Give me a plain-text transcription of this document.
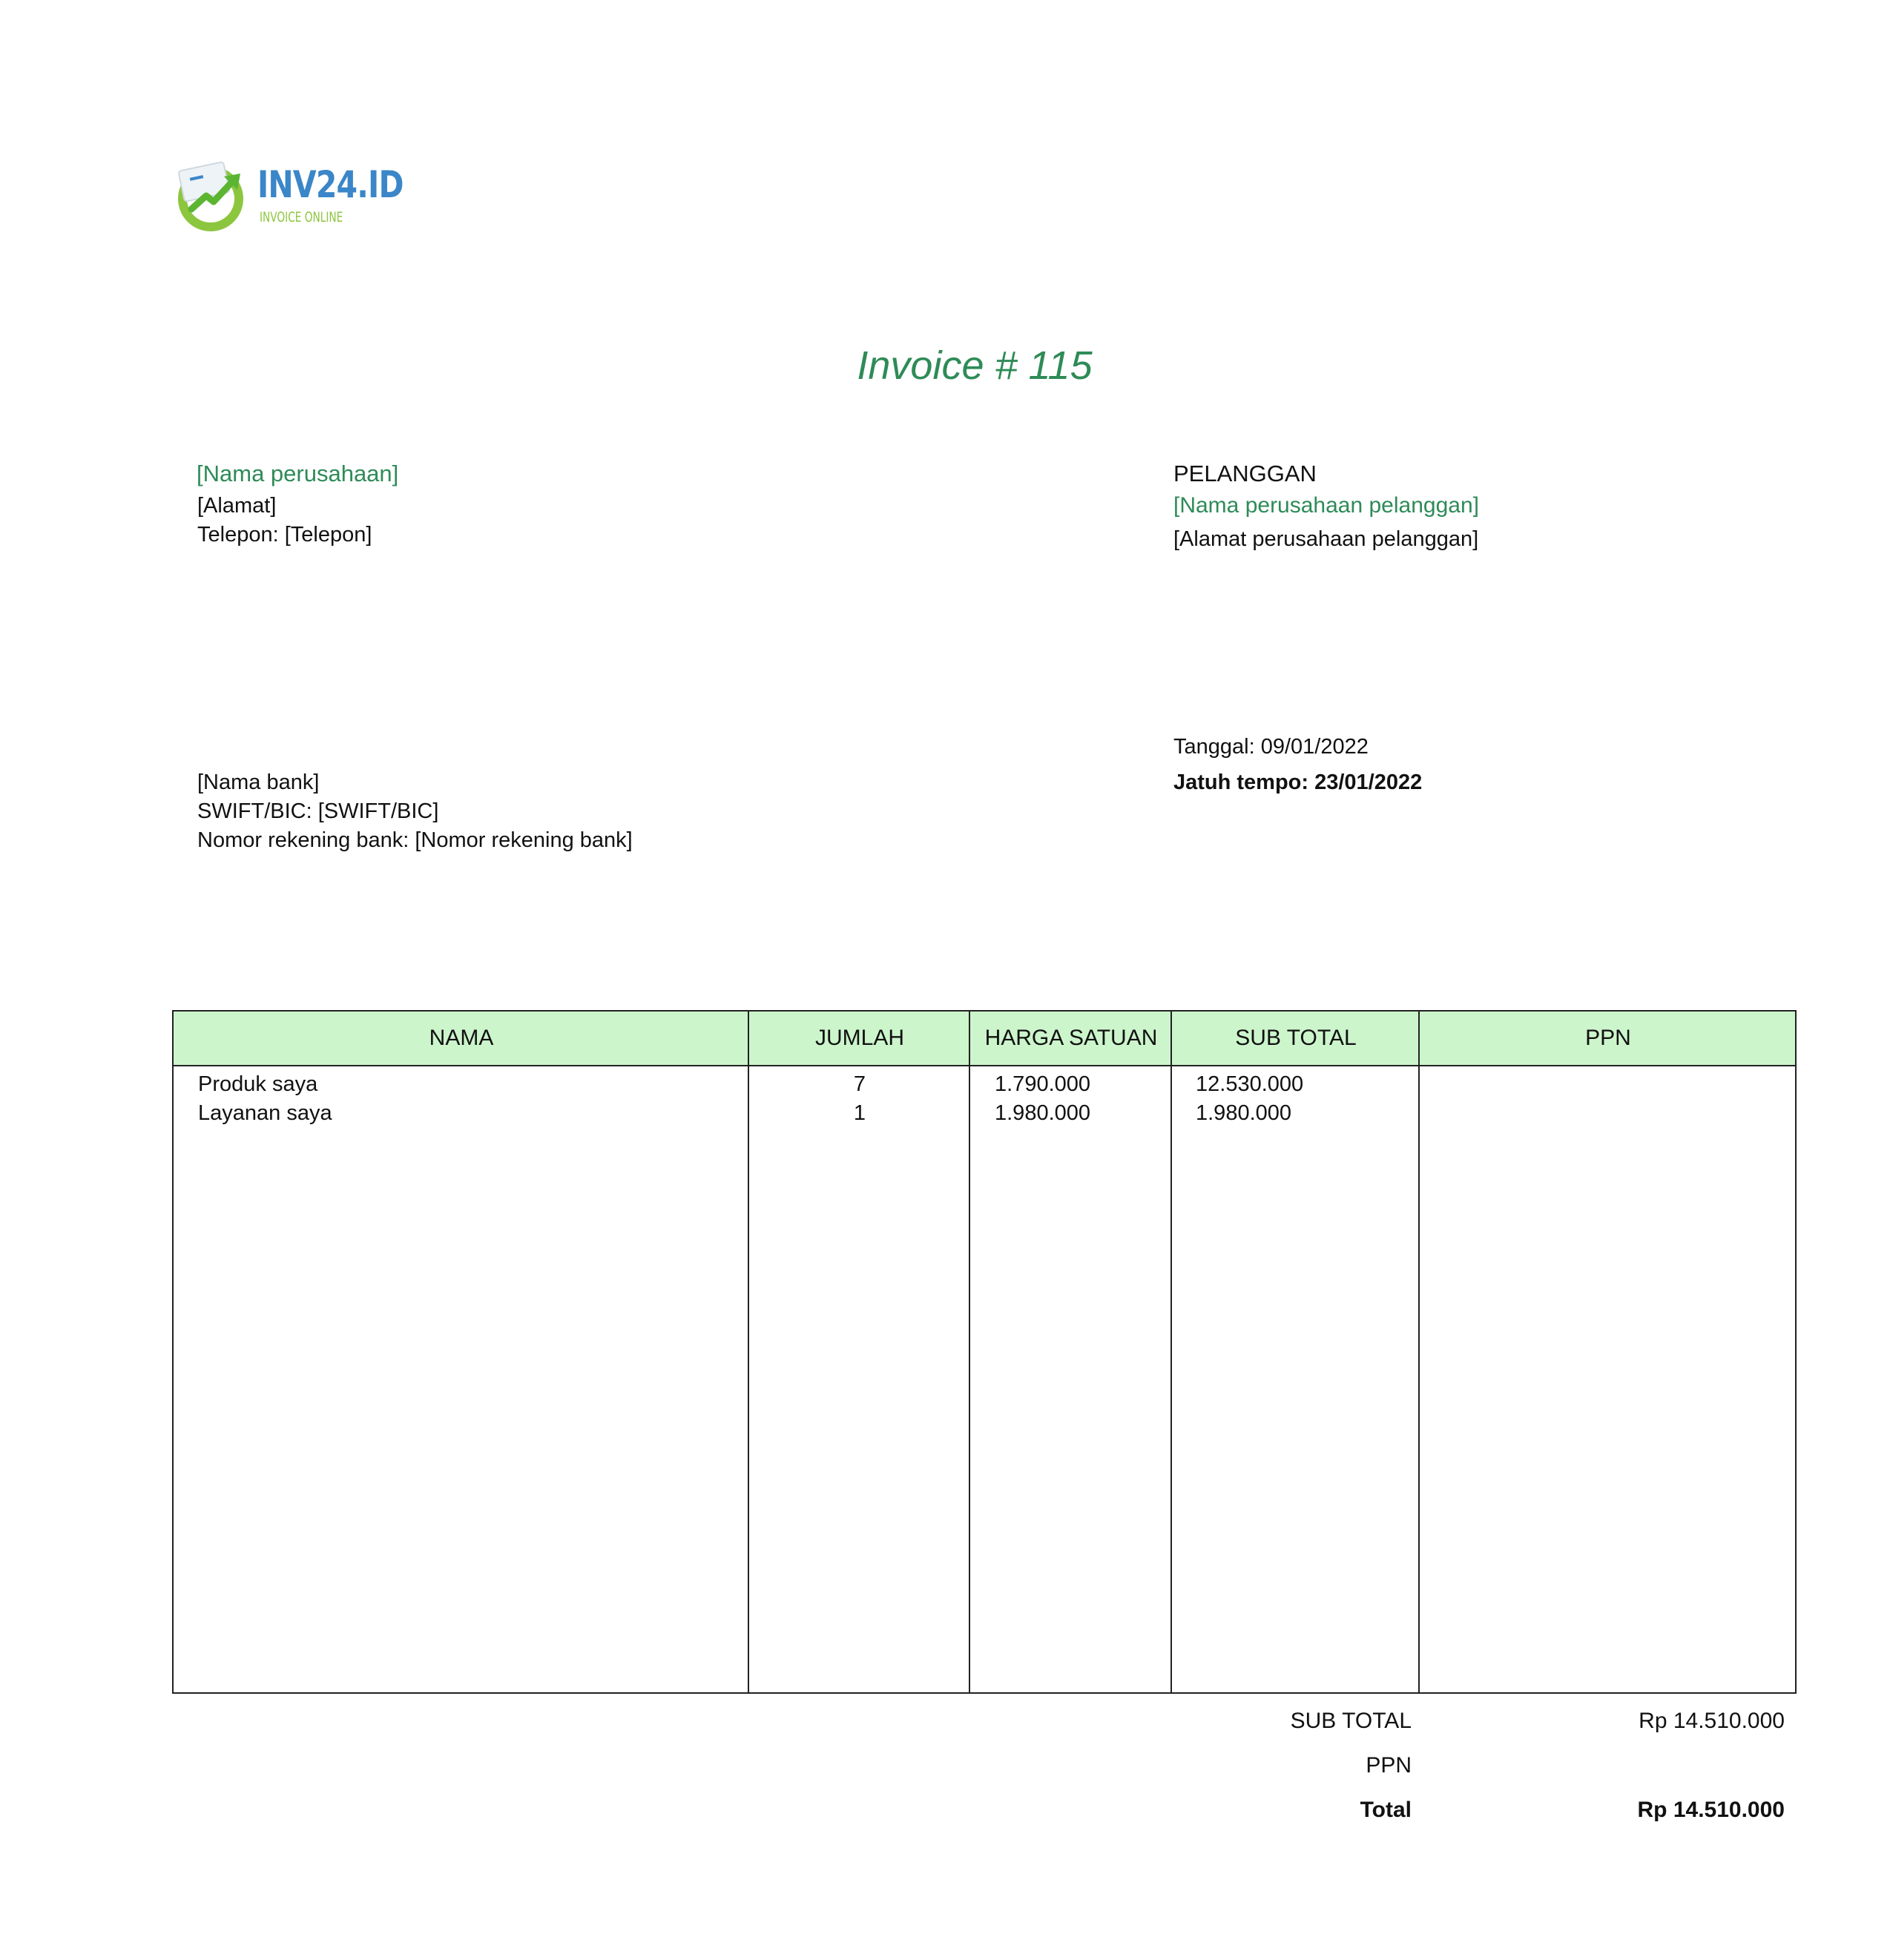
INV24.ID
INVOICE ONLINE
Invoice # 115
[Nama perusahaan]
[Alamat]
Telepon: [Telepon]
PELANGGAN
[Nama perusahaan pelanggan]
[Alamat perusahaan pelanggan]
Tanggal: 09/01/2022
Jatuh tempo: 23/01/2022
[Nama bank]
SWIFT/BIC: [SWIFT/BIC]
Nomor rekening bank: [Nomor rekening bank]
NAMA	JUMLAH	HARGA SATUAN	SUB TOTAL	PPN
Produk saya	7	1.790.000	12.530.000
Layanan saya	1	1.980.000	1.980.000
SUB TOTAL	Rp 14.510.000
PPN
Total	Rp 14.510.000
